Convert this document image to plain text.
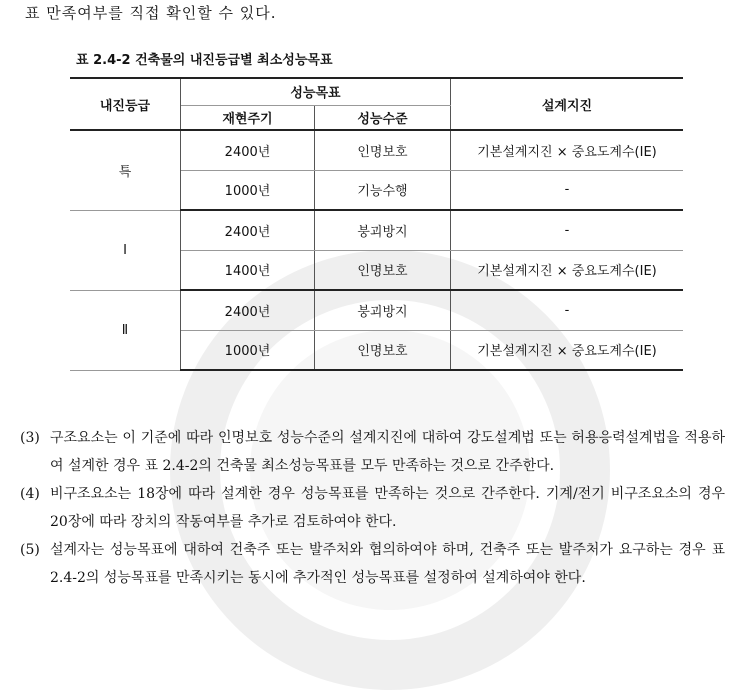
표 만족여부를 직접 확인할 수 있다.
표 2.4-2 건축물의 내진등급별 최소성능목표
내진등급	성능목표		설계지진
	재현주기	성능수준	
특	2400년	인명보호	기본설계지진 × 중요도계수(IE)
	1000년	기능수행	-
Ⅰ	2400년	붕괴방지	-
	1400년	인명보호	기본설계지진 × 중요도계수(IE)
Ⅱ	2400년	붕괴방지	-
	1000년	인명보호	기본설계지진 × 중요도계수(IE)
(3) 구조요소는 이 기준에 따라 인명보호 성능수준의 설계지진에 대하여 강도설계법 또는 허용응력설계법을 적용하여 설계한 경우 표 2.4-2의 건축물 최소성능목표를 모두 만족하는 것으로 간주한다.
(4) 비구조요소는 18장에 따라 설계한 경우 성능목표를 만족하는 것으로 간주한다. 기계/전기 비구조요소의 경우 20장에 따라 장치의 작동여부를 추가로 검토하여야 한다.
(5) 설계자는 성능목표에 대하여 건축주 또는 발주처와 협의하여야 하며, 건축주 또는 발주처가 요구하는 경우 표 2.4-2의 성능목표를 만족시키는 동시에 추가적인 성능목표를 설정하여 설계하여야 한다.
